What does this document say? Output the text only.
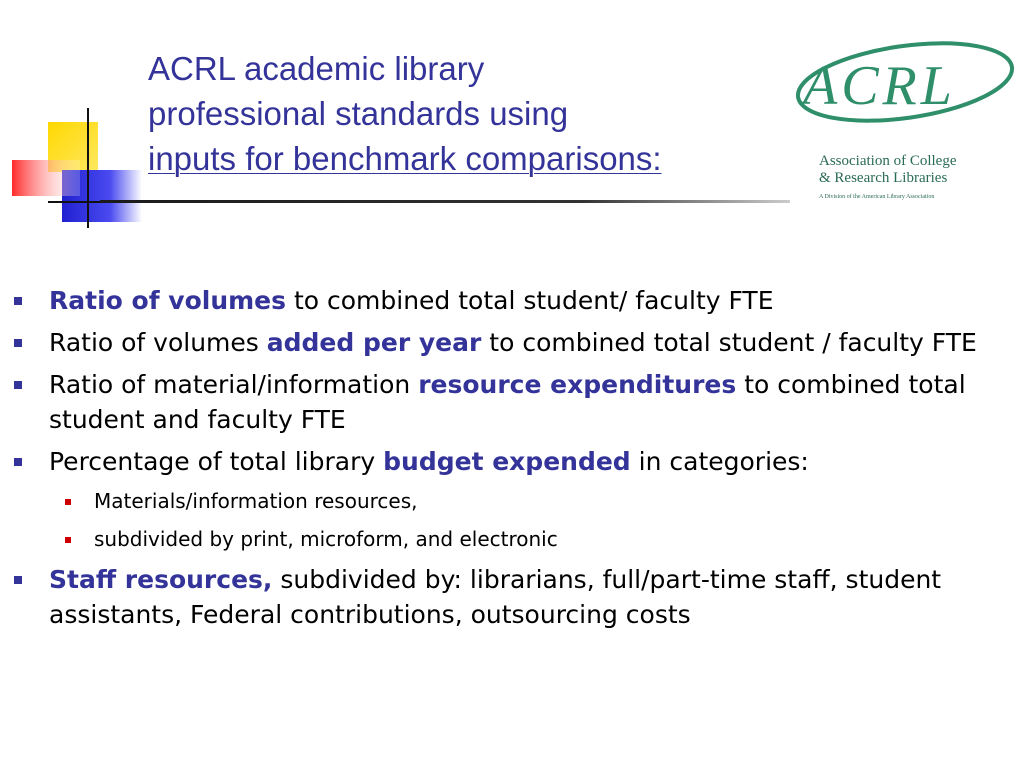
ACRL academic library
professional standards using
inputs for benchmark comparisons:
ACRL
Association of College
& Research Libraries
A Division of the American Library Association
Ratio of volumes to combined total student/ faculty FTE
Ratio of volumes added per year to combined total student / faculty FTE
Ratio of material/information resource expenditures to combined total student and faculty FTE
Percentage of total library budget expended in categories:
Materials/information resources,
subdivided by print, microform, and electronic
Staff resources, subdivided by: librarians, full/part-time staff, student assistants, Federal contributions, outsourcing costs
